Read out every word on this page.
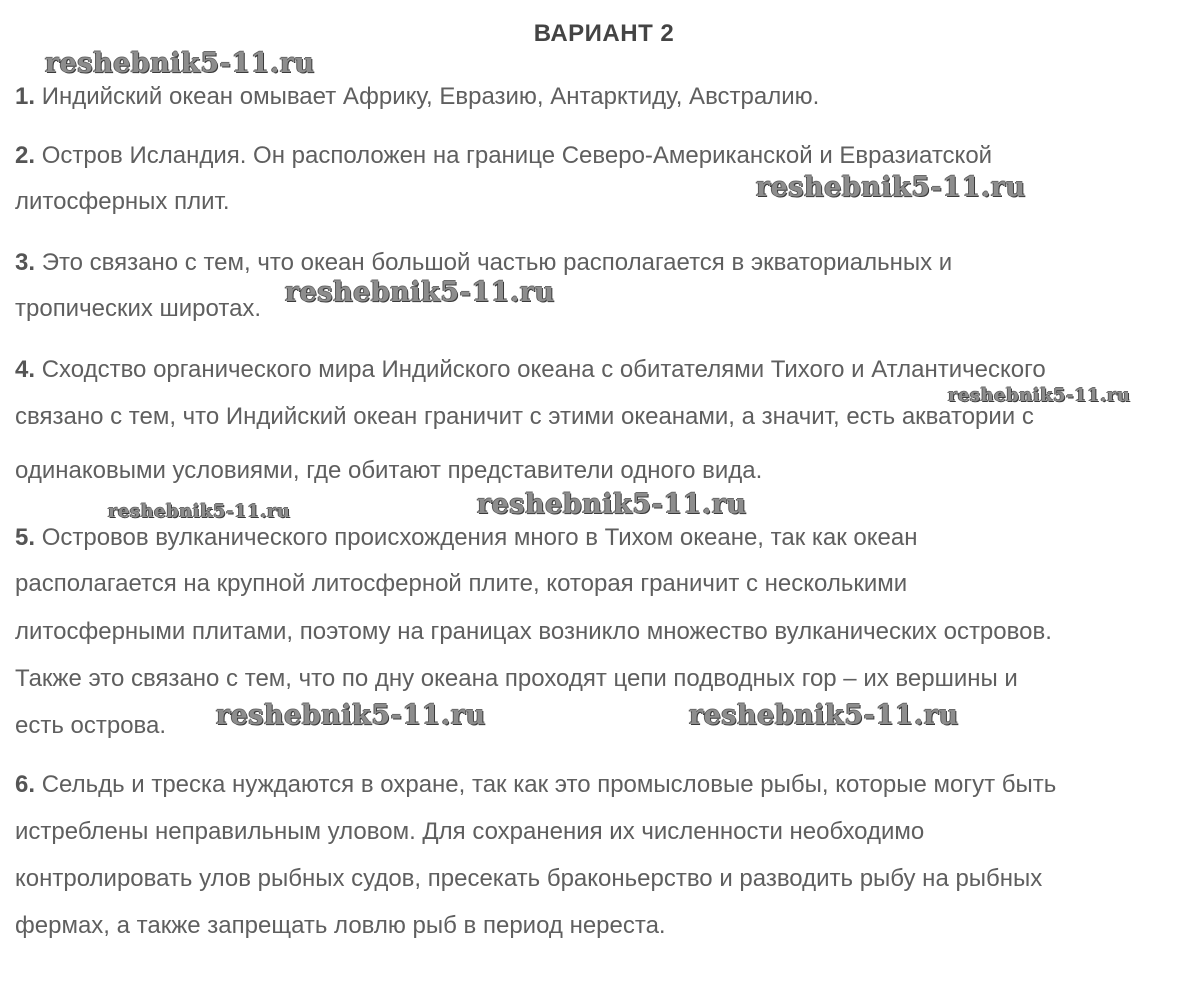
ВАРИАНТ 2
1. Индийский океан омывает Африку, Евразию, Антарктиду, Австралию.
2. Остров Исландия. Он расположен на границе Северо-Американской и Евразиатской
литосферных плит.
3. Это связано с тем, что океан большой частью располагается в экваториальных и
тропических широтах.
4. Сходство органического мира Индийского океана с обитателями Тихого и Атлантического
связано с тем, что Индийский океан граничит с этими океанами, а значит, есть акватории с
одинаковыми условиями, где обитают представители одного вида.
5. Островов вулканического происхождения много в Тихом океане, так как океан
располагается на крупной литосферной плите, которая граничит с несколькими
литосферными плитами, поэтому на границах возникло множество вулканических островов.
Также это связано с тем, что по дну океана проходят цепи подводных гор – их вершины и
есть острова.
6. Сельдь и треска нуждаются в охране, так как это промысловые рыбы, которые могут быть
истреблены неправильным уловом. Для сохранения их численности необходимо
контролировать улов рыбных судов, пресекать браконьерство и разводить рыбу на рыбных
фермах, а также запрещать ловлю рыб в период нереста.
reshebnik5-11.ru
reshebnik5-11.ru
reshebnik5-11.ru
reshebnik5-11.ru
reshebnik5-11.ru	reshebnik5-11.ru
reshebnik5-11.ru	reshebnik5-11.ru
